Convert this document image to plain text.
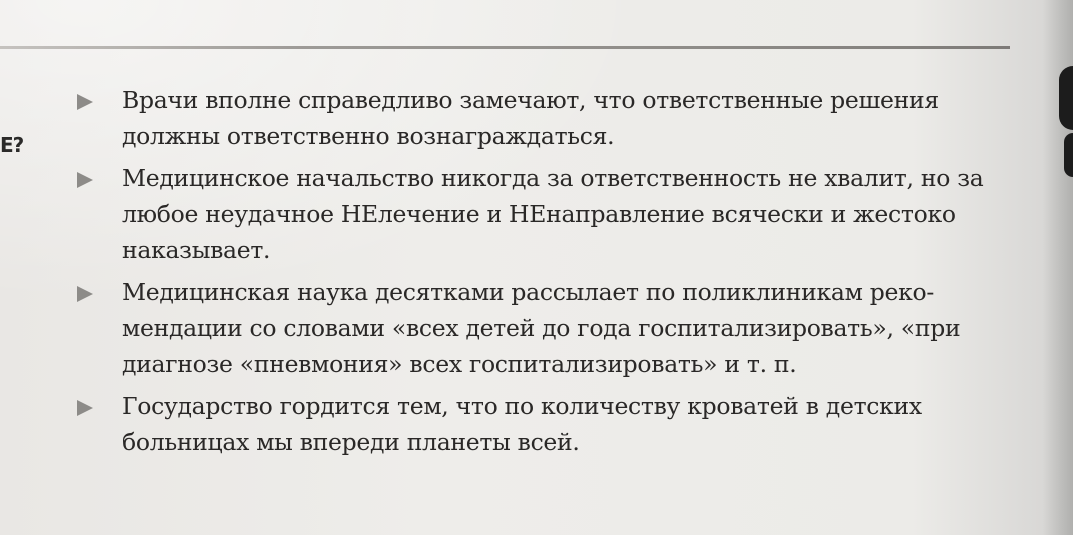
E?
Врачи вполне справедливо замечают, что ответственные решения должны ответственно вознаграждаться.
Медицинское начальство никогда за ответственность не хвалит, но за любое неудачное НЕлечение и НЕнаправление всячески и жестоко наказывает.
Медицинская наука десятками рассылает по поликлиникам реко-мендации со словами «всех детей до года госпитализировать», «при диагнозе «пневмония» всех госпитализировать» и т. п.
Государство гордится тем, что по количеству кроватей в детских больницах мы впереди планеты всей.
